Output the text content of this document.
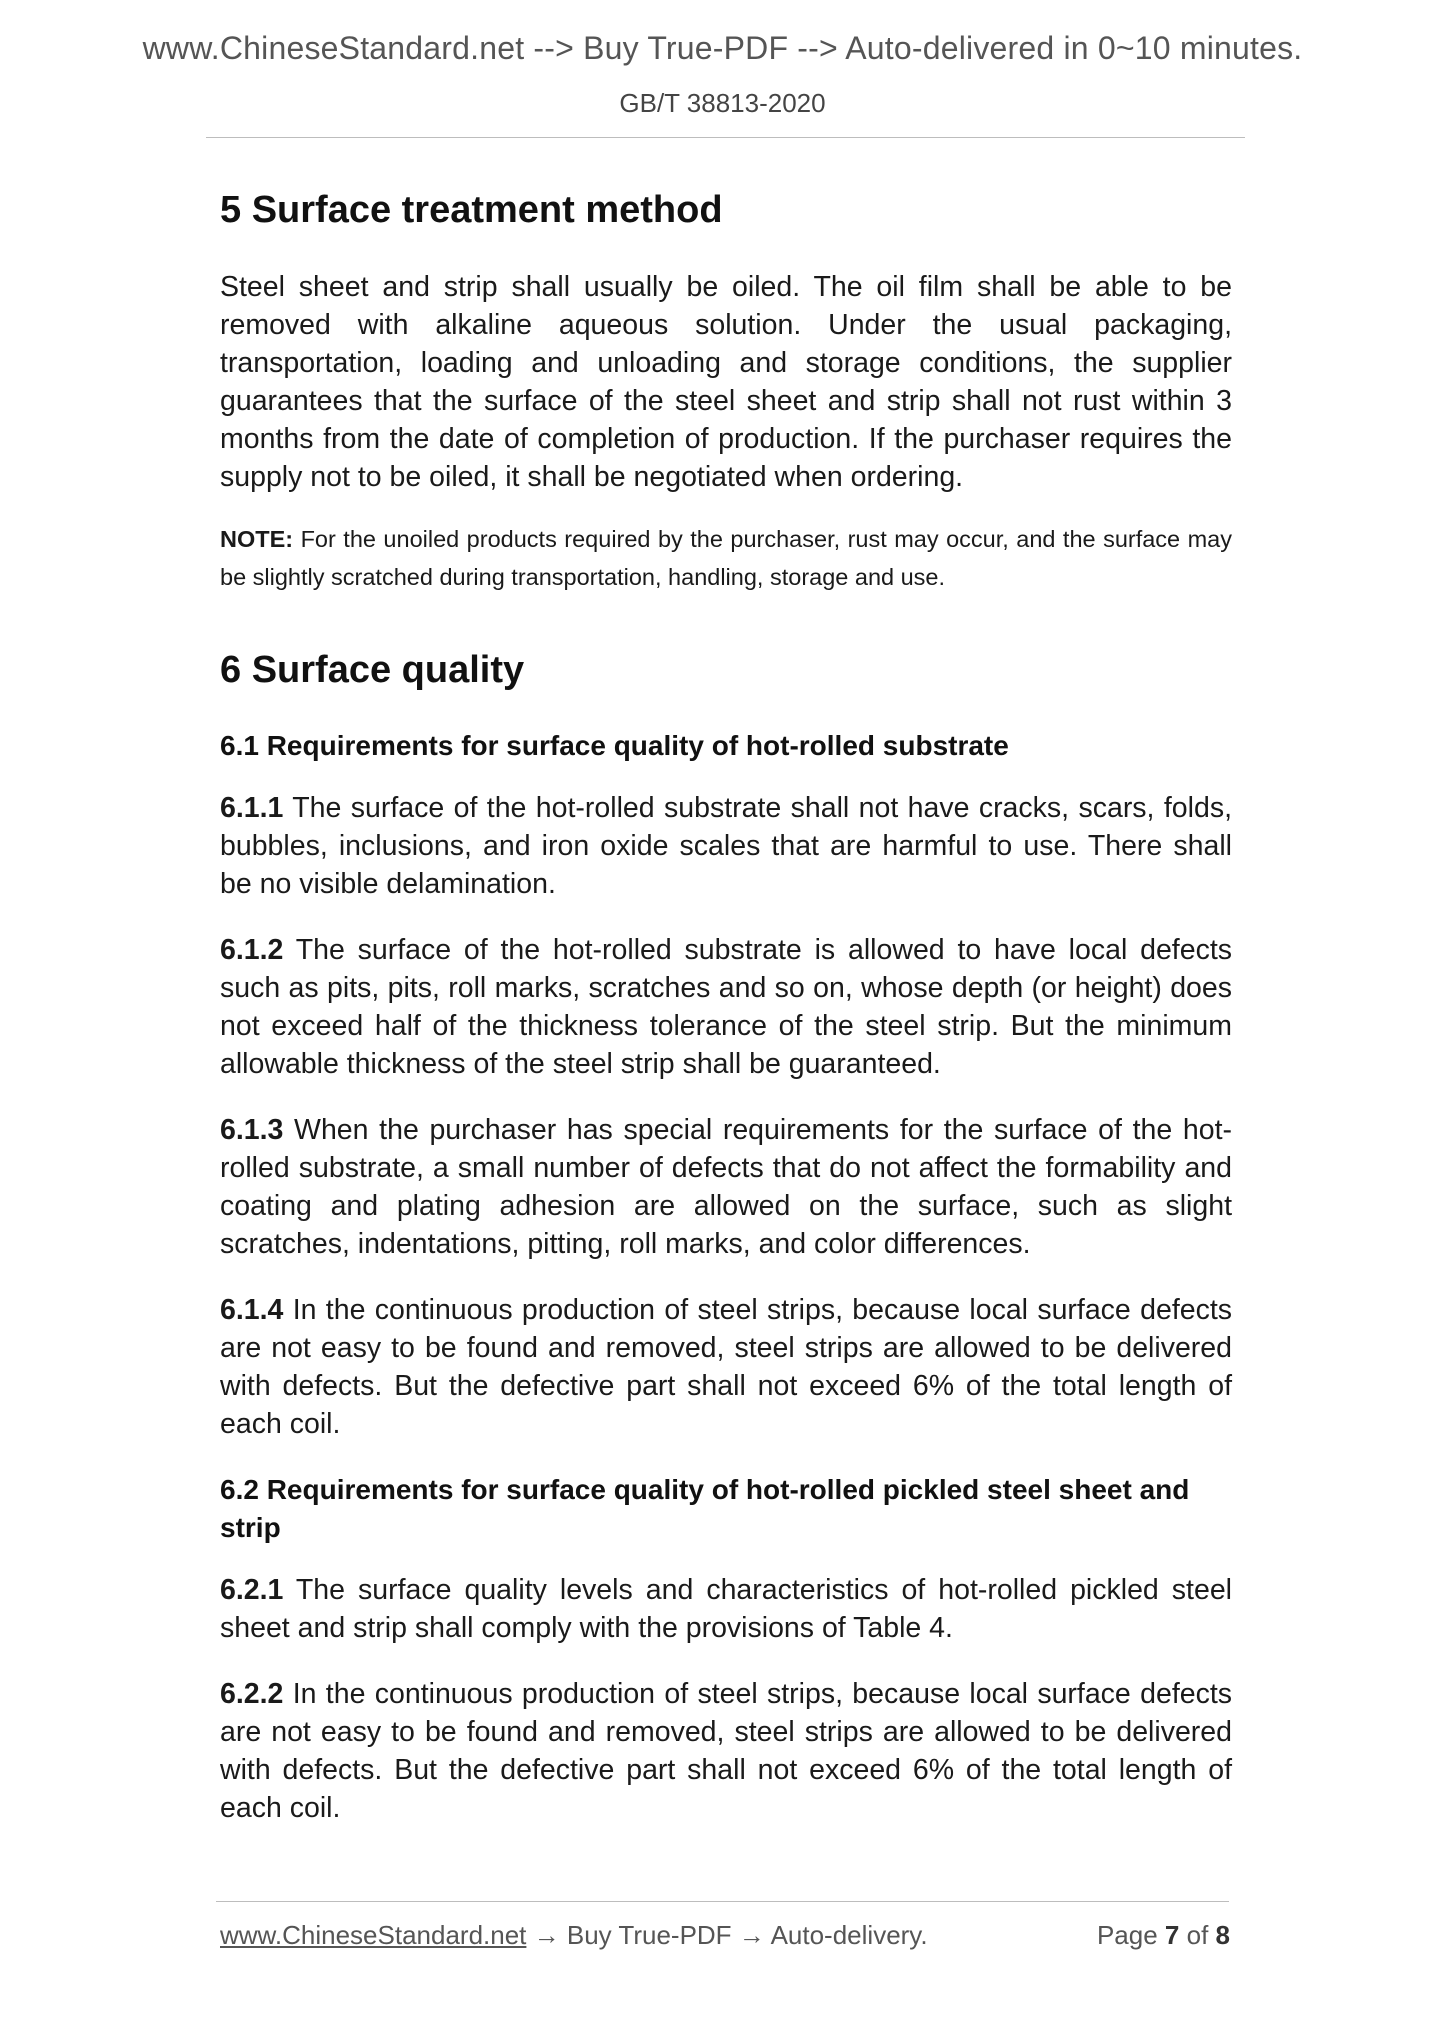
www.ChineseStandard.net --> Buy True-PDF --> Auto-delivered in 0~10 minutes.
GB/T 38813-2020
5 Surface treatment method

Steel sheet and strip shall usually be oiled. The oil film shall be able to be removed with alkaline aqueous solution. Under the usual packaging, transportation, loading and unloading and storage conditions, the supplier guarantees that the surface of the steel sheet and strip shall not rust within 3 months from the date of completion of production. If the purchaser requires the supply not to be oiled, it shall be negotiated when ordering.

NOTE: For the unoiled products required by the purchaser, rust may occur, and the surface may be slightly scratched during transportation, handling, storage and use.

6 Surface quality
6.1 Requirements for surface quality of hot-rolled substrate

6.1.1 The surface of the hot-rolled substrate shall not have cracks, scars, folds, bubbles, inclusions, and iron oxide scales that are harmful to use. There shall be no visible delamination.

6.1.2 The surface of the hot-rolled substrate is allowed to have local defects such as pits, pits, roll marks, scratches and so on, whose depth (or height) does not exceed half of the thickness tolerance of the steel strip. But the minimum allowable thickness of the steel strip shall be guaranteed.

6.1.3 When the purchaser has special requirements for the surface of the hot-rolled substrate, a small number of defects that do not affect the formability and coating and plating adhesion are allowed on the surface, such as slight scratches, indentations, pitting, roll marks, and color differences.

6.1.4 In the continuous production of steel strips, because local surface defects are not easy to be found and removed, steel strips are allowed to be delivered with defects. But the defective part shall not exceed 6% of the total length of each coil.

6.2 Requirements for surface quality of hot-rolled pickled steel sheet and strip

6.2.1 The surface quality levels and characteristics of hot-rolled pickled steel sheet and strip shall comply with the provisions of Table 4.

6.2.2 In the continuous production of steel strips, because local surface defects are not easy to be found and removed, steel strips are allowed to be delivered with defects. But the defective part shall not exceed 6% of the total length of each coil.

www.ChineseStandard.net → Buy True-PDF → Auto-delivery.	Page 7 of 8
